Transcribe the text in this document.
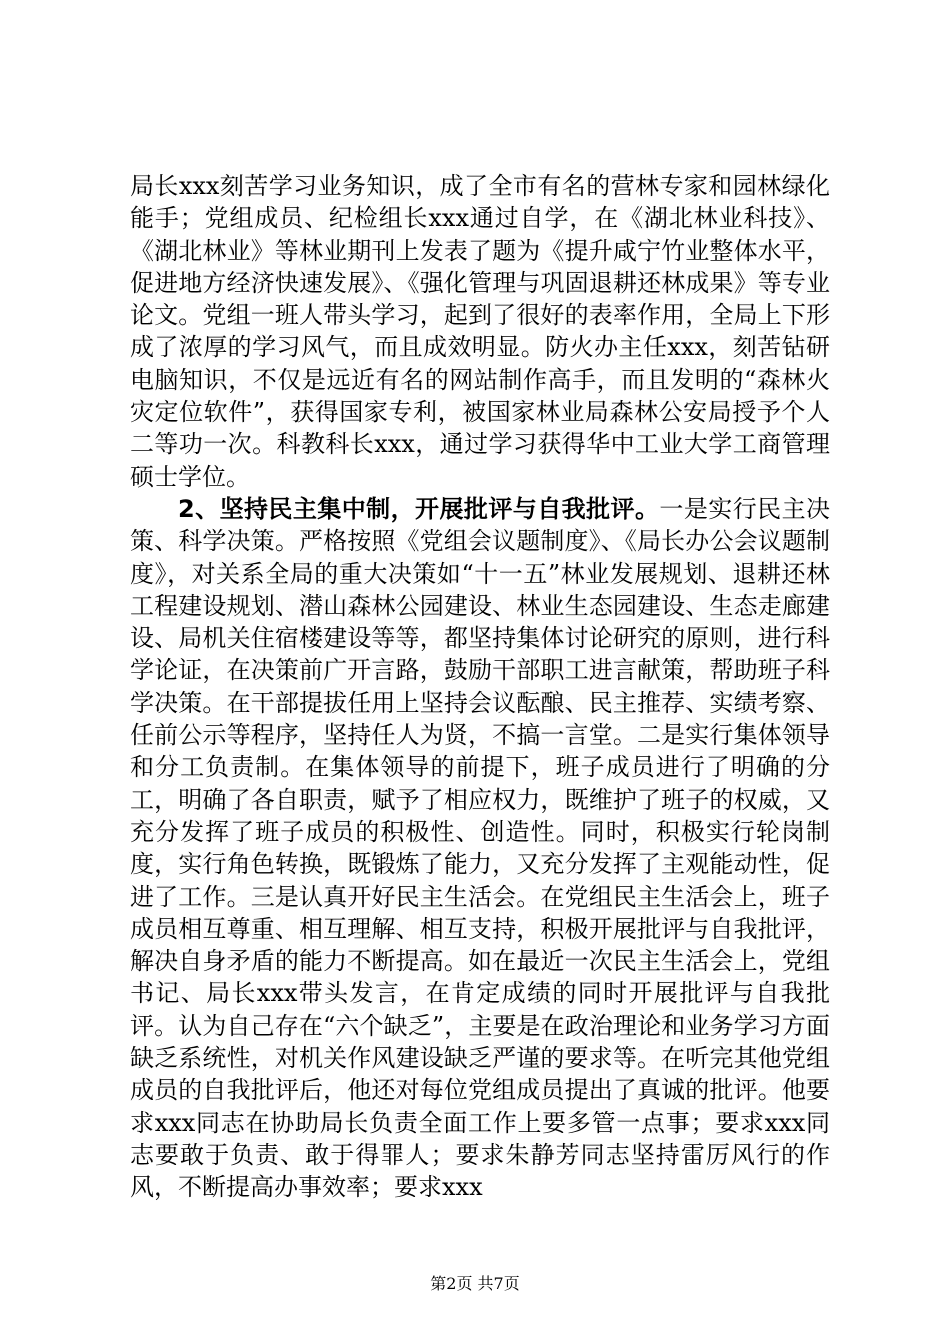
局长xxx刻苦学习业务知识，成了全市有名的营林专家和园林绿化能手；党组成员、纪检组长xxx通过自学，在《湖北林业科技》、《湖北林业》等林业期刊上发表了题为《提升咸宁竹业整体水平，促进地方经济快速发展》、《强化管理与巩固退耕还林成果》等专业论文。党组一班人带头学习，起到了很好的表率作用，全局上下形成了浓厚的学习风气，而且成效明显。防火办主任xxx，刻苦钻研电脑知识，不仅是远近有名的网站制作高手，而且发明的“森林火灾定位软件”，获得国家专利，被国家林业局森林公安局授予个人二等功一次。科教科长xxx，通过学习获得华中工业大学工商管理硕士学位。

2、坚持民主集中制，开展批评与自我批评。一是实行民主决策、科学决策。严格按照《党组会议题制度》、《局长办公会议题制度》，对关系全局的重大决策如“十一五”林业发展规划、退耕还林工程建设规划、潜山森林公园建设、林业生态园建设、生态走廊建设、局机关住宿楼建设等等，都坚持集体讨论研究的原则，进行科学论证，在决策前广开言路，鼓励干部职工进言献策，帮助班子科学决策。在干部提拔任用上坚持会议酝酿、民主推荐、实绩考察、任前公示等程序，坚持任人为贤，不搞一言堂。二是实行集体领导和分工负责制。在集体领导的前提下，班子成员进行了明确的分工，明确了各自职责，赋予了相应权力，既维护了班子的权威，又充分发挥了班子成员的积极性、创造性。同时，积极实行轮岗制度，实行角色转换，既锻炼了能力，又充分发挥了主观能动性，促进了工作。三是认真开好民主生活会。在党组民主生活会上，班子成员相互尊重、相互理解、相互支持，积极开展批评与自我批评，解决自身矛盾的能力不断提高。如在最近一次民主生活会上，党组书记、局长xxx带头发言，在肯定成绩的同时开展批评与自我批评。认为自己存在“六个缺乏”，主要是在政治理论和业务学习方面缺乏系统性，对机关作风建设缺乏严谨的要求等。在听完其他党组成员的自我批评后，他还对每位党组成员提出了真诚的批评。他要求xxx同志在协助局长负责全面工作上要多管一点事；要求xxx同志要敢于负责、敢于得罪人；要求朱静芳同志坚持雷厉风行的作风，不断提高办事效率；要求xxx

第2页 共7页
